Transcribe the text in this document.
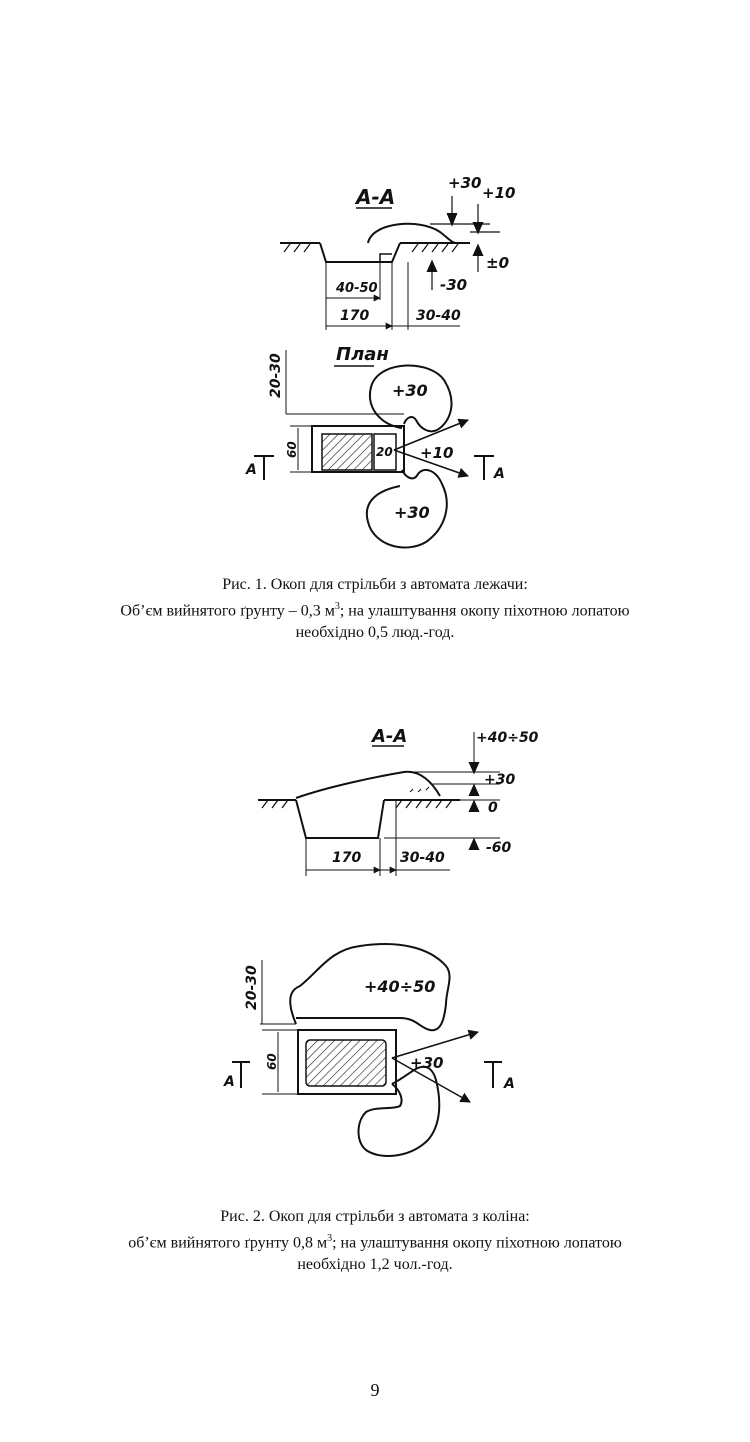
А-А
+30
+10
±0
-30
40-50
170	30-40
План
20
+30
+10
+30
60
20-30
А	А
Рис. 1. Окоп для стрільби з автомата лежачи:
Об’єм вийнятого ґрунту – 0,3 $м^3$; на улаштування окопу піхотною лопатою
необхідно 0,5 люд.-год.
А-А	+40÷50
+30
0
-60
170	30-40
+40÷50
+30
60
20-30
А	А
Рис. 2. Окоп для стрільби з автомата з коліна:
об’єм вийнятого ґрунту 0,8 $м^3$; на улаштування окопу піхотною лопатою
необхідно 1,2 чол.-год.
9
